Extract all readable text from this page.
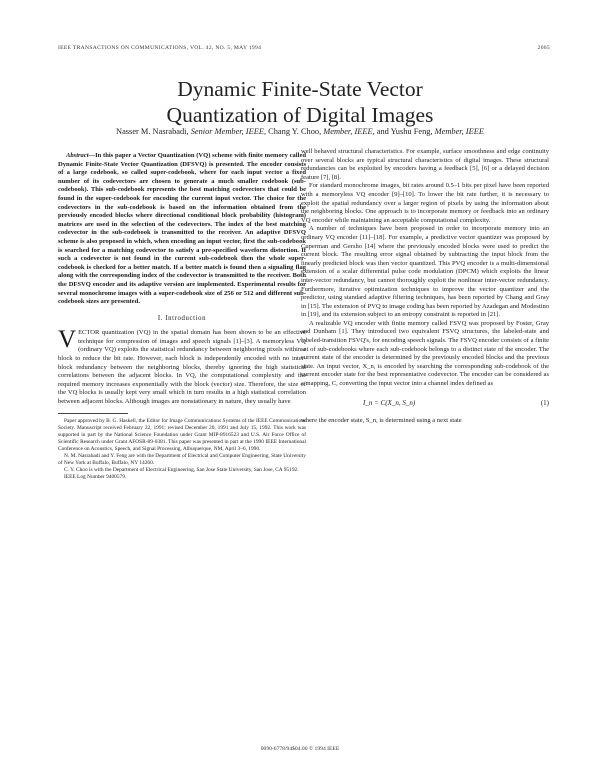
IEEE TRANSACTIONS ON COMMUNICATIONS, VOL. 42, NO. 5, MAY 1994	2005
Dynamic Finite-State Vector
Quantization of Digital Images
Nasser M. Nasrabadi, Senior Member, IEEE, Chang Y. Choo, Member, IEEE, and Yushu Feng, Member, IEEE

Abstract—In this paper a Vector Quantization (VQ) scheme with finite memory called Dynamic Finite-State Vector Quantization (DFSVQ) is presented. The encoder consists of a large codebook, so called super-codebook, where for each input vector a fixed number of its codevectors are chosen to generate a much smaller codebook (sub-codebook). This sub-codebook represents the best matching codevectors that could be found in the super-codebook for encoding the current input vector. The choice for the codevectors in the sub-codebook is based on the information obtained from the previously encoded blocks where directional conditional block probability (histogram) matrices are used in the selection of the codevectors. The index of the best matching codevector in the sub-codebook is transmitted to the receiver. An adaptive DFSVQ scheme is also proposed in which, when encoding an input vector, first the sub-codebook is searched for a matching codevector to satisfy a pre-specified waveform distortion. If such a codevector is not found in the current sub-codebook then the whole super-codebook is checked for a better match. If a better match is found then a signaling flag along with the corresponding index of the codevector is transmitted to the receiver. Both the DFSVQ encoder and its adaptive version are implemented. Experimental results for several monochrome images with a super-codebook size of 256 or 512 and different sub-codebook sizes are presented.

I. Introduction

VECTOR quantization (VQ) in the spatial domain has been shown to be an effective technique for compression of images and speech signals [1]–[3]. A memoryless VQ (ordinary VQ) exploits the statistical redundancy between neighboring pixels within a block to reduce the bit rate. However, each block is independently encoded with no inter-block redundancy between the neighboring blocks, thereby ignoring the high statistical correlations between the adjacent blocks. In VQ, the computational complexity and the required memory increases exponentially with the block (vector) size. Therefore, the size of the VQ blocks is usually kept very small which in turn results in a high statistical correlation between adjacent blocks. Although images are nonstationary in nature, they usually have

Paper approved by B. G. Haskell, the Editor for Image Communications Systems of the IEEE Communications Society. Manuscript received February 22, 1991; revised December 20, 1991 and July 15, 1992. This work was supported in part by the National Science Foundation under Grant MIP-8916523 and U.S. Air Force Office of Scientific Research under Grant AFOSR-89-0381. This paper was presented in part at the 1990 IEEE International Conference on Acoustics, Speech, and Signal Processing, Albuquerque, NM, April 3–6, 1990.

N. M. Nasrabadi and Y. Feng are with the Department of Electrical and Computer Engineering, State University of New York at Buffalo, Buffalo, NY 14260.

C. Y. Choo is with the Department of Electrical Engineering, San Jose State University, San Jose, CA 95192.

IEEE Log Number 9400579.

well behaved structural characteristics. For example, surface smoothness and edge continuity over several blocks are typical structural characteristics of digital images. These structural redundancies can be exploited by encoders having a feedback [5], [6] or a delayed decision feature [7], [8].

For standard monochrome images, bit rates around 0.5–1 bits per pixel have been reported with a memoryless VQ encoder [9]–[10]. To lower the bit rate further, it is necessary to exploit the spatial redundancy over a larger region of pixels by using the information about the neighboring blocks. One approach is to incorporate memory or feedback into an ordinary VQ encoder while maintaining an acceptable computational complexity.

A number of techniques have been proposed in order to incorporate memory into an ordinary VQ encoder [11]–[18]. For example, a predictive vector quantizer was proposed by Cuperman and Gersho [14] where the previously encoded blocks were used to predict the current block. The resulting error signal obtained by subtracting the input block from the linearly predicted block was then vector quantized. This PVQ encoder is a multi-dimensional extension of a scalar differential pulse code modulation (DPCM) which exploits the linear inter-vector redundancy, but cannot thoroughly exploit the nonlinear inter-vector redundancy. Furthermore, iterative optimization techniques to improve the vector quantizer and the predictor, using standard adaptive filtering techniques, has been reported by Chang and Gray in [15]. The extension of PVQ to image coding has been reported by Azadegan and Modestino in [19], and its extension subject to an entropy constraint is reported in [21].

A realizable VQ encoder with finite memory called FSVQ was proposed by Foster, Gray and Dunham [1]. They introduced two equivalent FSVQ structures, the labeled-state and labeled-transition FSVQ's, for encoding speech signals. The FSVQ encoder consists of a finite set of sub-codebooks where each sub-codebook belongs to a distinct state of the encoder. The current state of the encoder is determined by the previously encoded blocks and the previous state. An input vector, X_n, is encoded by searching the corresponding sub-codebook of the current encoder state for the best representative codevector. The encoder can be considered as a mapping, C, converting the input vector into a channel index defined as

I_n = C(X_n, S_n)	(1)

where the encoder state, S_n, is determined using a next state

0090-6778/94$04.00 © 1994 IEEE
